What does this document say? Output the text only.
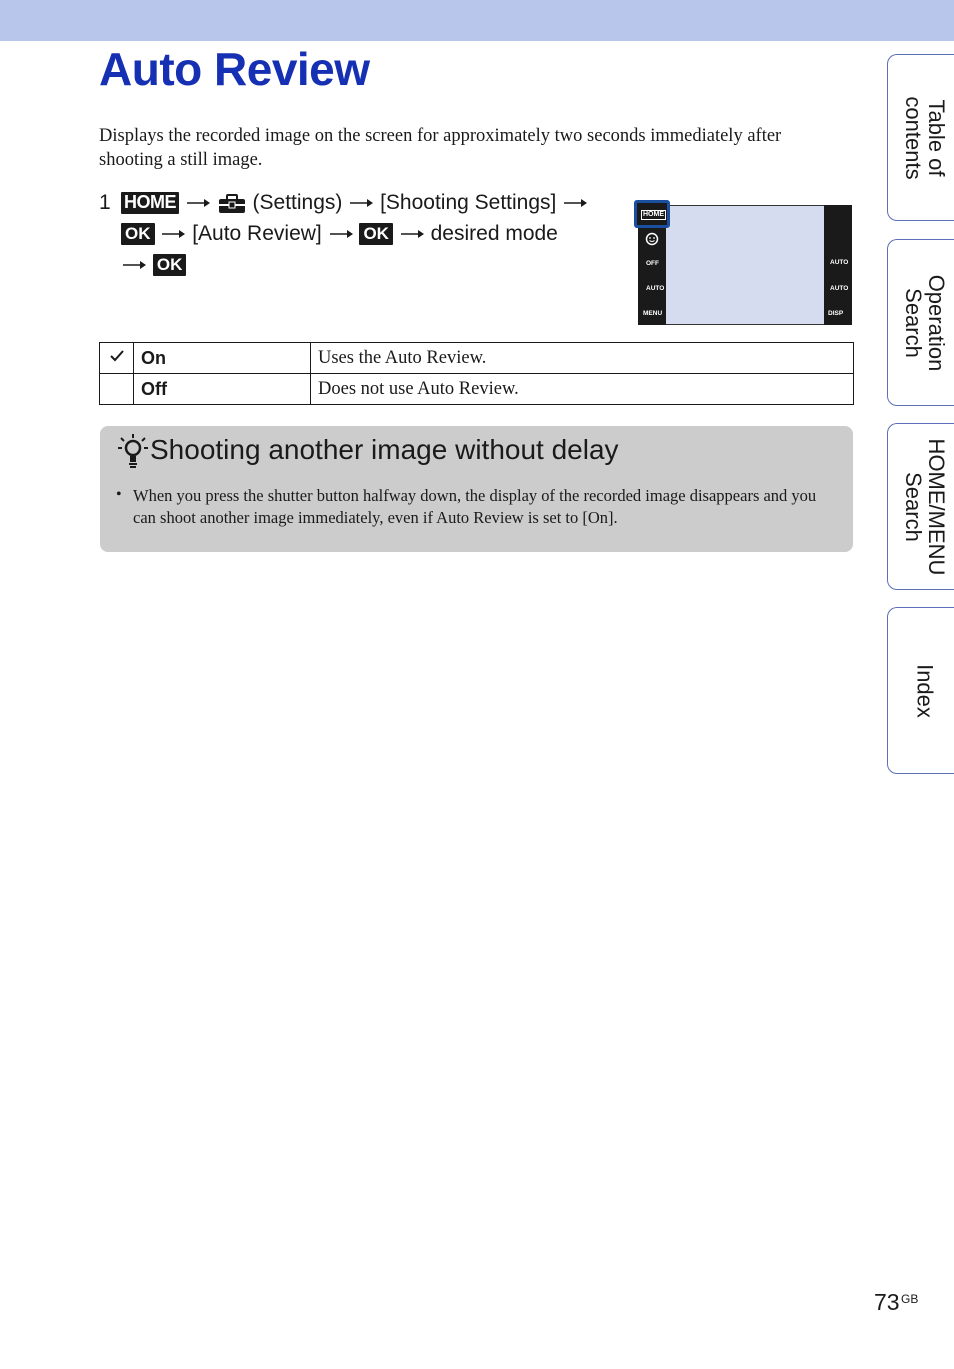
Auto Review

Displays the recorded image on the screen for approximately two seconds immediately after shooting a still image.

1 HOME	(Settings) [Shooting Settings]
OK [Auto Review] OK desired mode
OK
HOME
OFF
AUTO
MENU
AUTO
AUTO
DISP
	On	Uses the Auto Review.
	Off	Does not use Auto Review.
Shooting another image without delay
• When you press the shutter button halfway down, the display of the recorded image disappears and you can shoot another image immediately, even if Auto Review is set to [On].

Table of
contents
Operation
Search
HOME/MENU
Search
Index
73 GB
